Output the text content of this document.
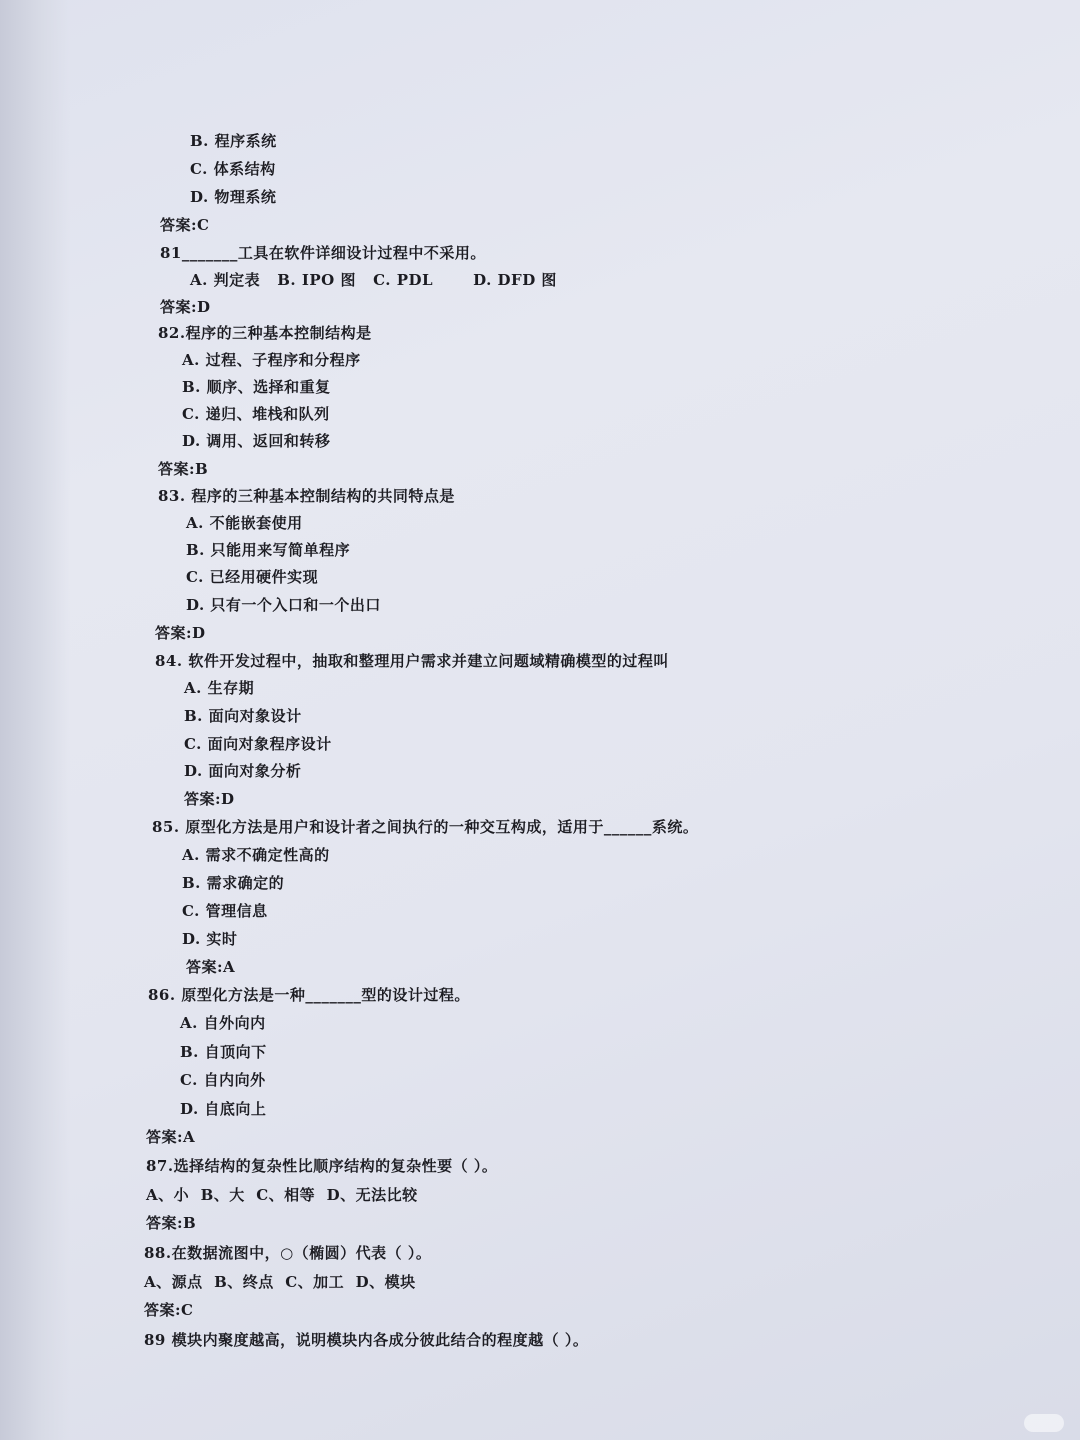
B. 程序系统
C. 体系结构
D. 物理系统
答案:C
81_______工具在软件详细设计过程中不采用。
A. 判定表   B. IPO 图   C. PDL       D. DFD 图
答案:D
82.程序的三种基本控制结构是
A. 过程、子程序和分程序
B. 顺序、选择和重复
C. 递归、堆栈和队列
D. 调用、返回和转移
答案:B
83. 程序的三种基本控制结构的共同特点是
A. 不能嵌套使用
B. 只能用来写简单程序
C. 已经用硬件实现
D. 只有一个入口和一个出口
答案:D
84. 软件开发过程中，抽取和整理用户需求并建立问题域精确模型的过程叫
A. 生存期
B. 面向对象设计
C. 面向对象程序设计
D. 面向对象分析
答案:D
85. 原型化方法是用户和设计者之间执行的一种交互构成，适用于______系统。
A. 需求不确定性高的
B. 需求确定的
C. 管理信息
D. 实时
答案:A
86. 原型化方法是一种_______型的设计过程。
A. 自外向内
B. 自顶向下
C. 自内向外
D. 自底向上
答案:A
87.选择结构的复杂性比顺序结构的复杂性要（ ）。
A、小  B、大  C、相等  D、无法比较
答案:B
88.在数据流图中，○（椭圆）代表（ ）。
A、源点  B、终点  C、加工  D、模块
答案:C
89 模块内聚度越高，说明模块内各成分彼此结合的程度越（ ）。
